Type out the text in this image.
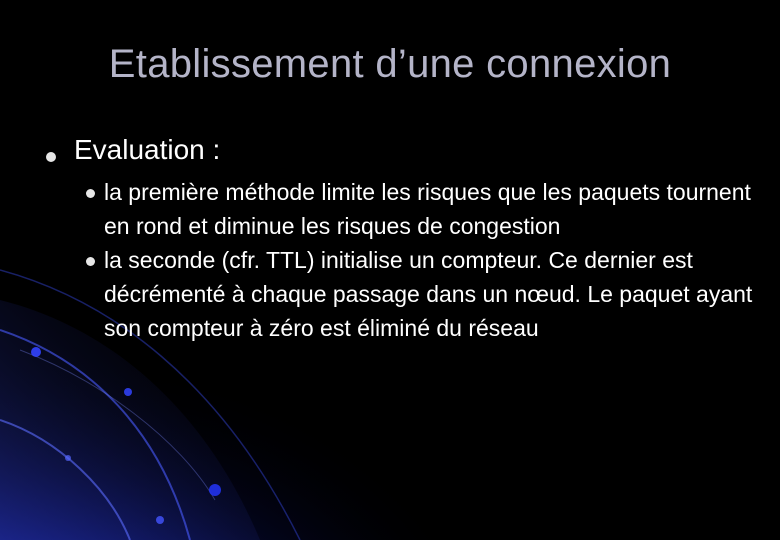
Etablissement d’une connexion
Evaluation :
la première méthode limite les risques que les paquets tournent en rond et diminue les risques de congestion
la seconde (cfr. TTL) initialise un compteur. Ce dernier est décrémenté à chaque passage dans un nœud. Le paquet ayant son compteur à zéro est éliminé du réseau
